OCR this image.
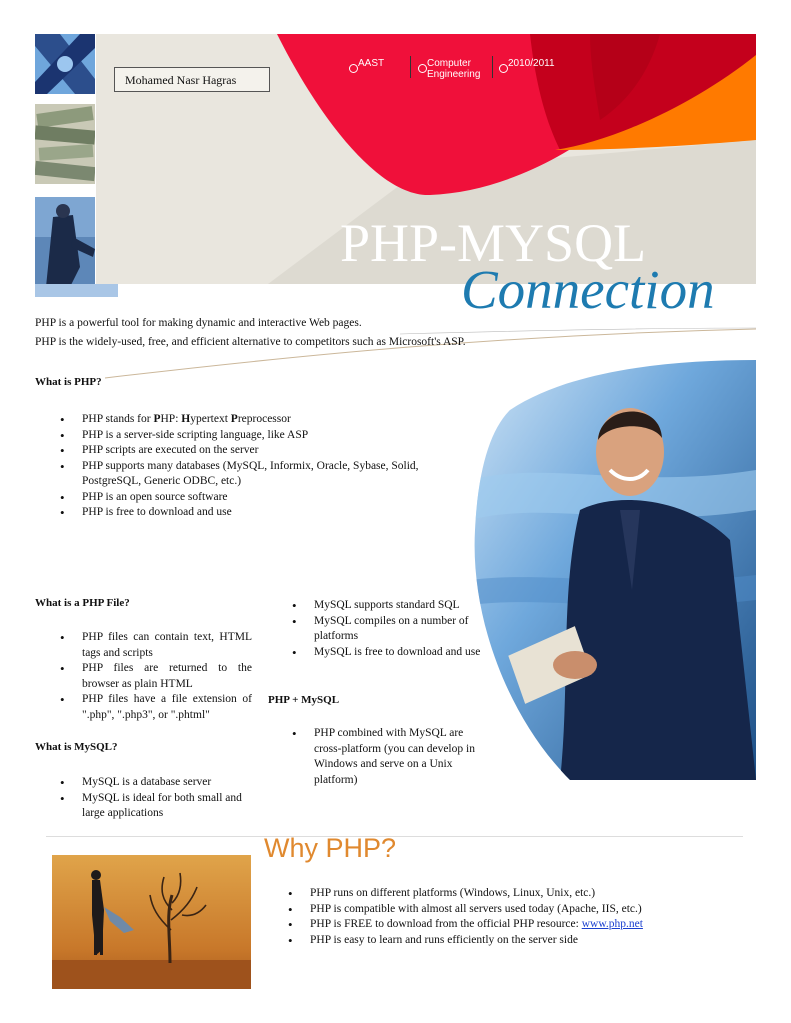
Mohamed Nasr Hagras
AAST	Computer Engineering
2010/2011
PHP-MYSQL
Connection

PHP is a powerful tool for making dynamic and interactive Web pages.

PHP is the widely-used, free, and efficient alternative to competitors such as Microsoft's ASP.

What is PHP?
• PHP stands for PHP: Hypertext Preprocessor
• PHP is a server-side scripting language, like ASP
• PHP scripts are executed on the server
• PHP supports many databases (MySQL, Informix, Oracle, Sybase, Solid, PostgreSQL, Generic ODBC, etc.)
• PHP is an open source software
• PHP is free to download and use
What is a PHP File?
• PHP files can contain text, HTML tags and scripts
• PHP files are returned to the browser as plain HTML
• PHP files have a file extension of ".php", ".php3", or ".phtml"
What is MySQL?
• MySQL is a database server
• MySQL is ideal for both small and large applications
• MySQL supports standard SQL
• MySQL compiles on a number of platforms
• MySQL is free to download and use
PHP + MySQL
• PHP combined with MySQL are cross-platform (you can develop in Windows and serve on a Unix platform)
Why PHP?
• PHP runs on different platforms (Windows, Linux, Unix, etc.)
• PHP is compatible with almost all servers used today (Apache, IIS, etc.)
• PHP is FREE to download from the official PHP resource: www.php.net
• PHP is easy to learn and runs efficiently on the server side
